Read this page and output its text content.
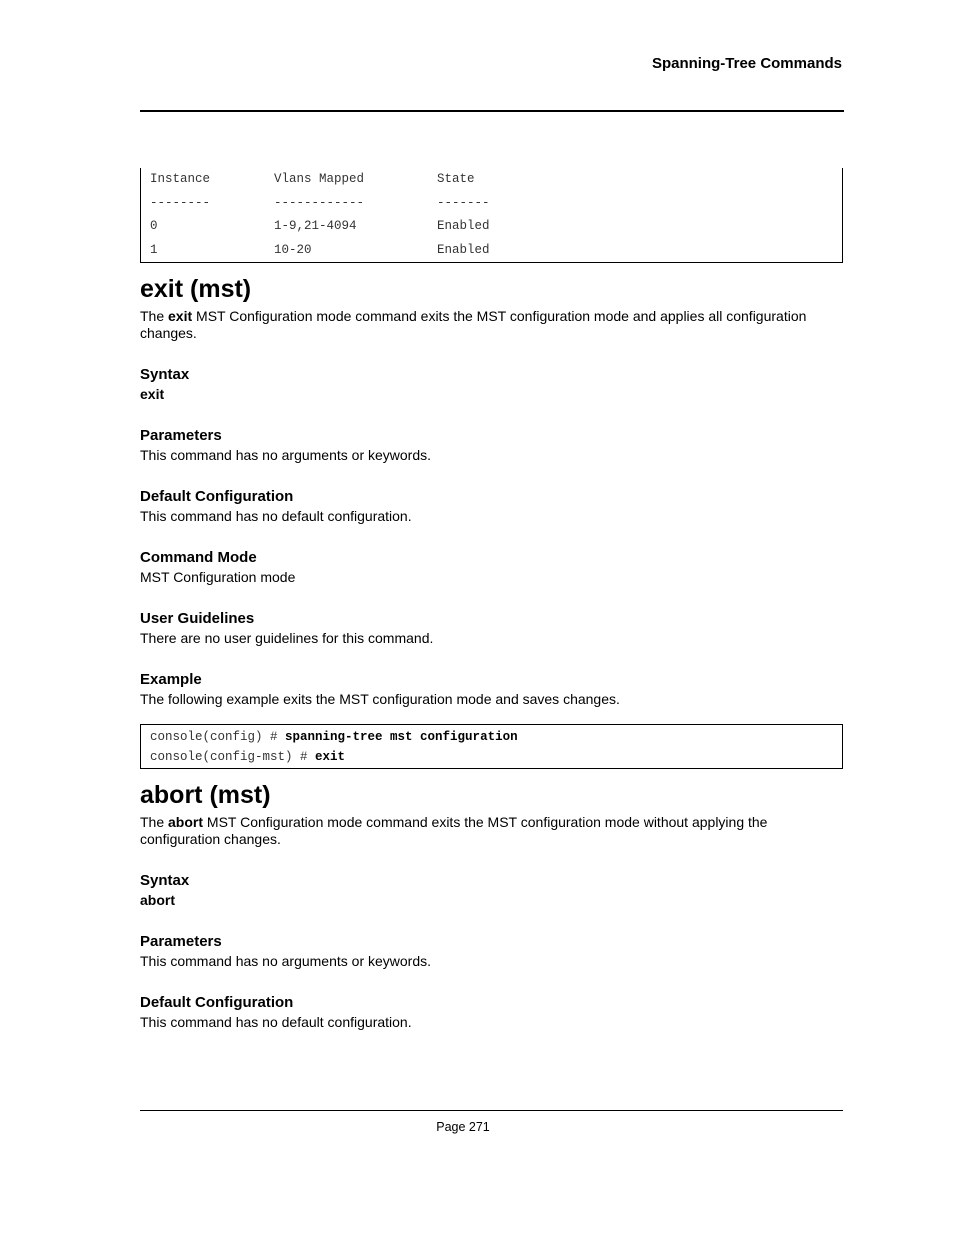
Spanning-Tree Commands
Instance	Vlans Mapped	State
--------	------------	-------
0	1-9,21-4094	Enabled
1	10-20	Enabled
exit (mst)

The exit MST Configuration mode command exits the MST configuration mode and applies all configuration changes.

Syntax

exit

Parameters

This command has no arguments or keywords.

Default Configuration

This command has no default configuration.

Command Mode

MST Configuration mode

User Guidelines

There are no user guidelines for this command.

Example

The following example exits the MST configuration mode and saves changes.

console(config) # spanning-tree mst configuration
console(config-mst) # exit
abort (mst)

The abort MST Configuration mode command exits the MST configuration mode without applying the configuration changes.

Syntax

abort

Parameters

This command has no arguments or keywords.

Default Configuration

This command has no default configuration.

Page 271
